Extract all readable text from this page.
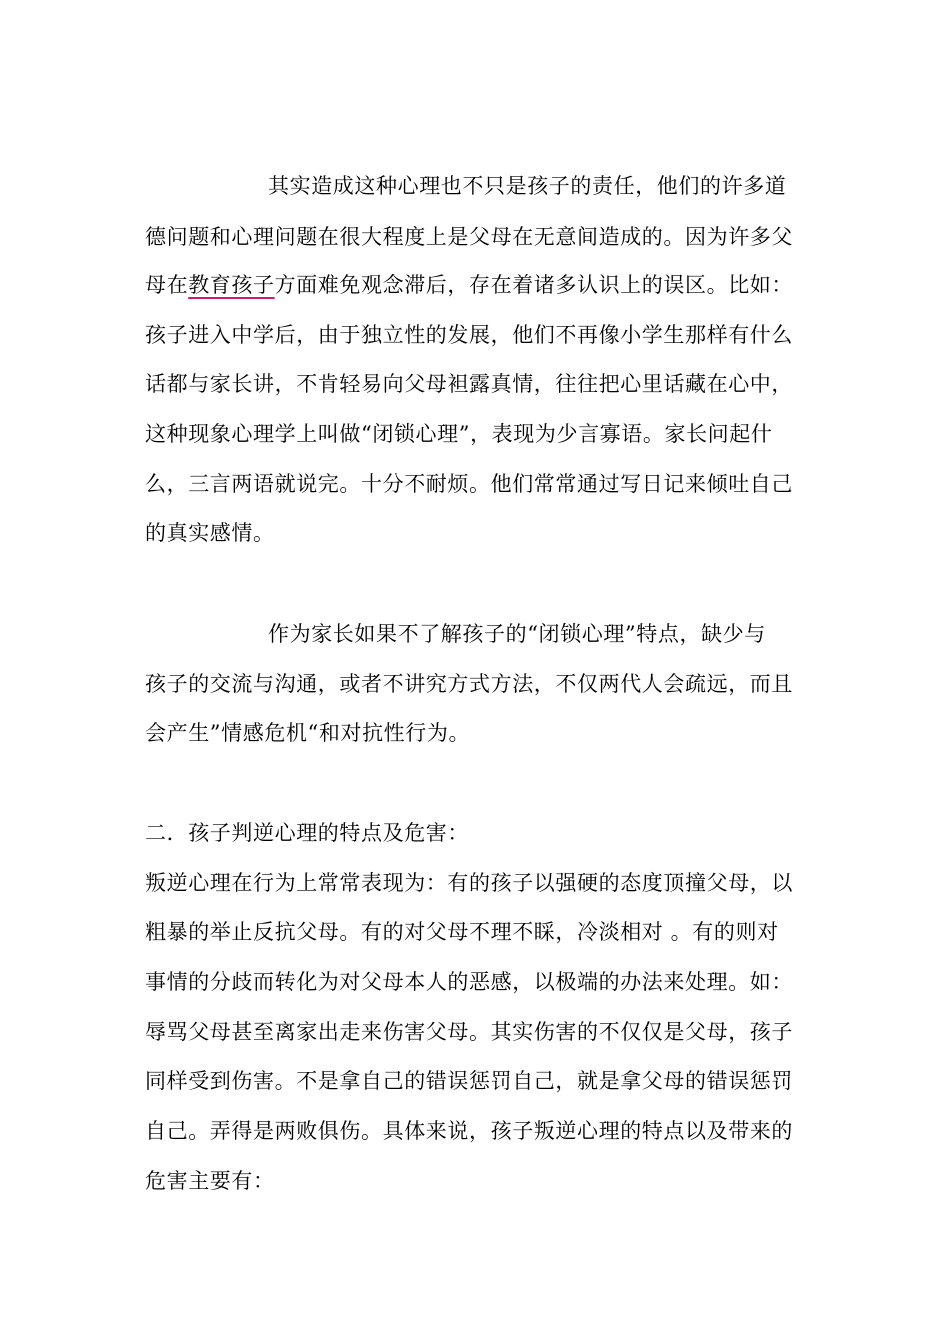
其实造成这种心理也不只是孩子的责任，他们的许多道
德问题和心理问题在很大程度上是父母在无意间造成的。因为许多父
母在教育孩子方面难免观念滞后，存在着诸多认识上的误区。比如：
孩子进入中学后，由于独立性的发展，他们不再像小学生那样有什么
话都与家长讲，不肯轻易向父母袒露真情，往往把心里话藏在心中，
这种现象心理学上叫做“闭锁心理”，表现为少言寡语。家长问起什
么，三言两语就说完。十分不耐烦。他们常常通过写日记来倾吐自己
的真实感情。
作为家长如果不了解孩子的“闭锁心理”特点，缺少与
孩子的交流与沟通，或者不讲究方式方法，不仅两代人会疏远，而且
会产生”情感危机“和对抗性行为。
二．孩子判逆心理的特点及危害：
叛逆心理在行为上常常表现为：有的孩子以强硬的态度顶撞父母，以
粗暴的举止反抗父母。有的对父母不理不睬，冷淡相对 。有的则对
事情的分歧而转化为对父母本人的恶感，以极端的办法来处理。如：
辱骂父母甚至离家出走来伤害父母。其实伤害的不仅仅是父母，孩子
同样受到伤害。不是拿自己的错误惩罚自己，就是拿父母的错误惩罚
自己。弄得是两败俱伤。具体来说，孩子叛逆心理的特点以及带来的
危害主要有：
